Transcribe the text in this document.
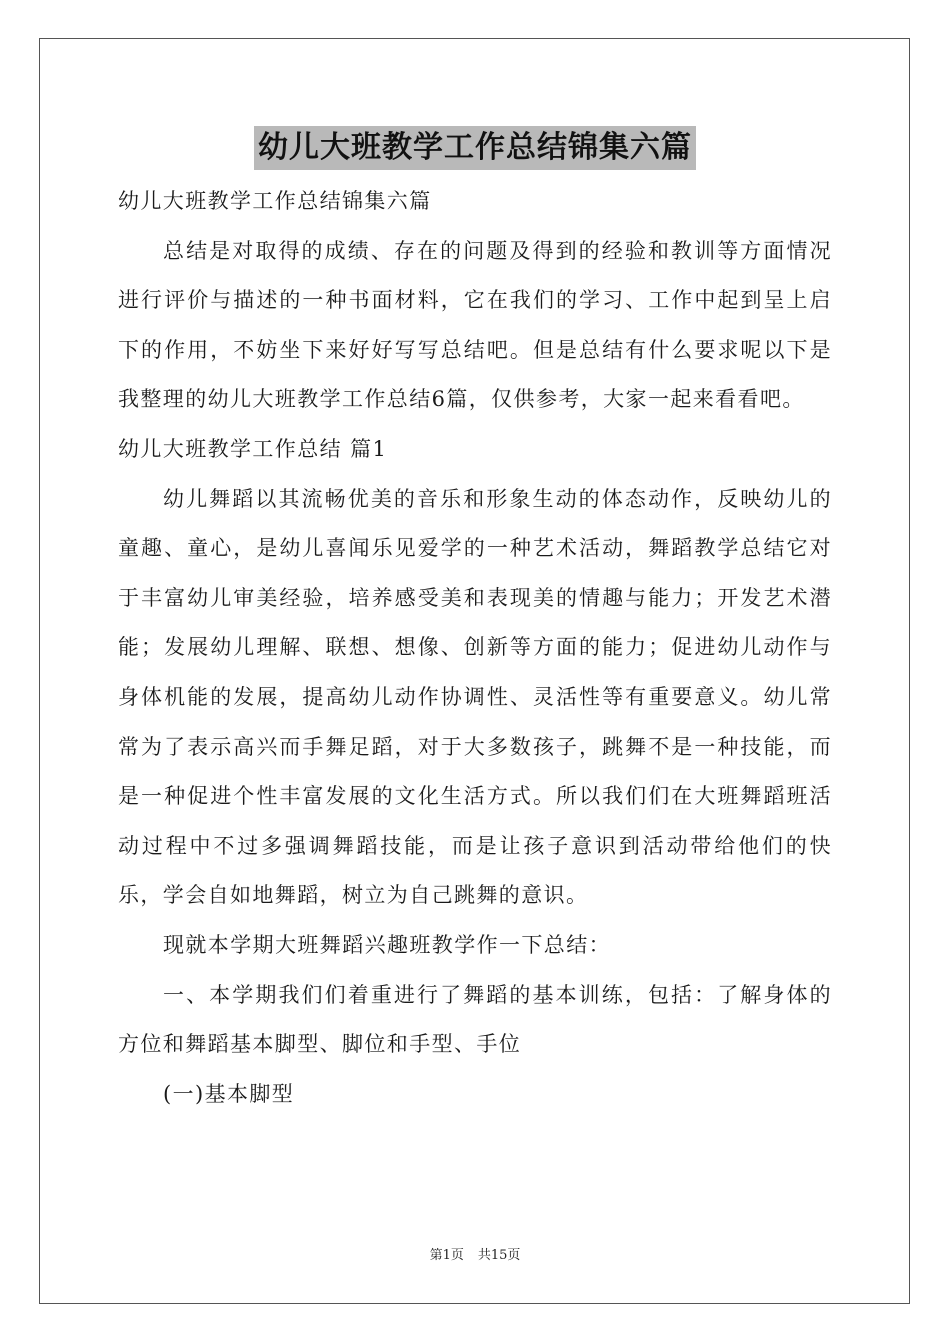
幼儿大班教学工作总结锦集六篇

幼儿大班教学工作总结锦集六篇

总结是对取得的成绩、存在的问题及得到的经验和教训等方面情况进行评价与描述的一种书面材料，它在我们的学习、工作中起到呈上启下的作用，不妨坐下来好好写写总结吧。但是总结有什么要求呢以下是我整理的幼儿大班教学工作总结6篇，仅供参考，大家一起来看看吧。

幼儿大班教学工作总结 篇1

幼儿舞蹈以其流畅优美的音乐和形象生动的体态动作，反映幼儿的童趣、童心，是幼儿喜闻乐见爱学的一种艺术活动，舞蹈教学总结它对于丰富幼儿审美经验，培养感受美和表现美的情趣与能力；开发艺术潜能；发展幼儿理解、联想、想像、创新等方面的能力；促进幼儿动作与身体机能的发展，提高幼儿动作协调性、灵活性等有重要意义。幼儿常常为了表示高兴而手舞足蹈，对于大多数孩子，跳舞不是一种技能，而是一种促进个性丰富发展的文化生活方式。所以我们们在大班舞蹈班活动过程中不过多强调舞蹈技能，而是让孩子意识到活动带给他们的快乐，学会自如地舞蹈，树立为自己跳舞的意识。

现就本学期大班舞蹈兴趣班教学作一下总结：

一、本学期我们们着重进行了舞蹈的基本训练，包括：了解身体的方位和舞蹈基本脚型、脚位和手型、手位

(一)基本脚型

第1页 共15页
